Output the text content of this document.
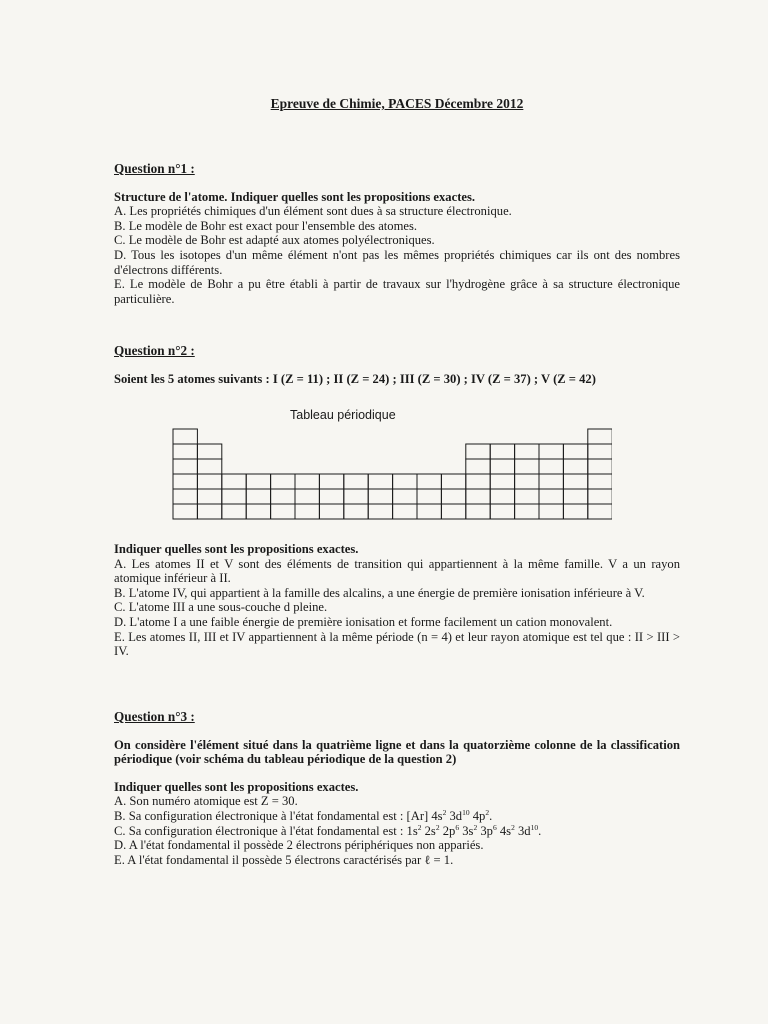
Epreuve de Chimie, PACES Décembre 2012
Question n°1 :
Structure de l'atome. Indiquer quelles sont les propositions exactes.
A. Les propriétés chimiques d'un élément sont dues à sa structure électronique.
B. Le modèle de Bohr est exact pour l'ensemble des atomes.
C. Le modèle de Bohr est adapté aux atomes polyélectroniques.
D. Tous les isotopes d'un même élément n'ont pas les mêmes propriétés chimiques car ils ont des nombres d'électrons différents.
E. Le modèle de Bohr a pu être établi à partir de travaux sur l'hydrogène grâce à sa structure électronique particulière.
Question n°2 :
Soient les 5 atomes suivants : I (Z = 11) ; II (Z = 24) ; III (Z = 30) ; IV (Z = 37) ; V (Z = 42)
Tableau périodique
Indiquer quelles sont les propositions exactes.
A. Les atomes II et V sont des éléments de transition qui appartiennent à la même famille. V a un rayon atomique inférieur à II.
B. L'atome IV, qui appartient à la famille des alcalins, a une énergie de première ionisation inférieure à V.
C. L'atome III a une sous-couche d pleine.
D. L'atome I a une faible énergie de première ionisation et forme facilement un cation monovalent.
E. Les atomes II, III et IV appartiennent à la même période (n = 4) et leur rayon atomique est tel que : II > III > IV.
Question n°3 :
On considère l'élément situé dans la quatrième ligne et dans la quatorzième colonne de la classification périodique (voir schéma du tableau périodique de la question 2)
Indiquer quelles sont les propositions exactes.
A. Son numéro atomique est Z = 30.
B. Sa configuration électronique à l'état fondamental est : [Ar] $4s^2$ $3d^{10}$ $4p^2$.
C. Sa configuration électronique à l'état fondamental est : $1s^2$ $2s^2$ $2p^6$ $3s^2$ $3p^6$ $4s^2$ $3d^{10}$.
D. A l'état fondamental il possède 2 électrons périphériques non appariés.
E. A l'état fondamental il possède 5 électrons caractérisés par ℓ = 1.
